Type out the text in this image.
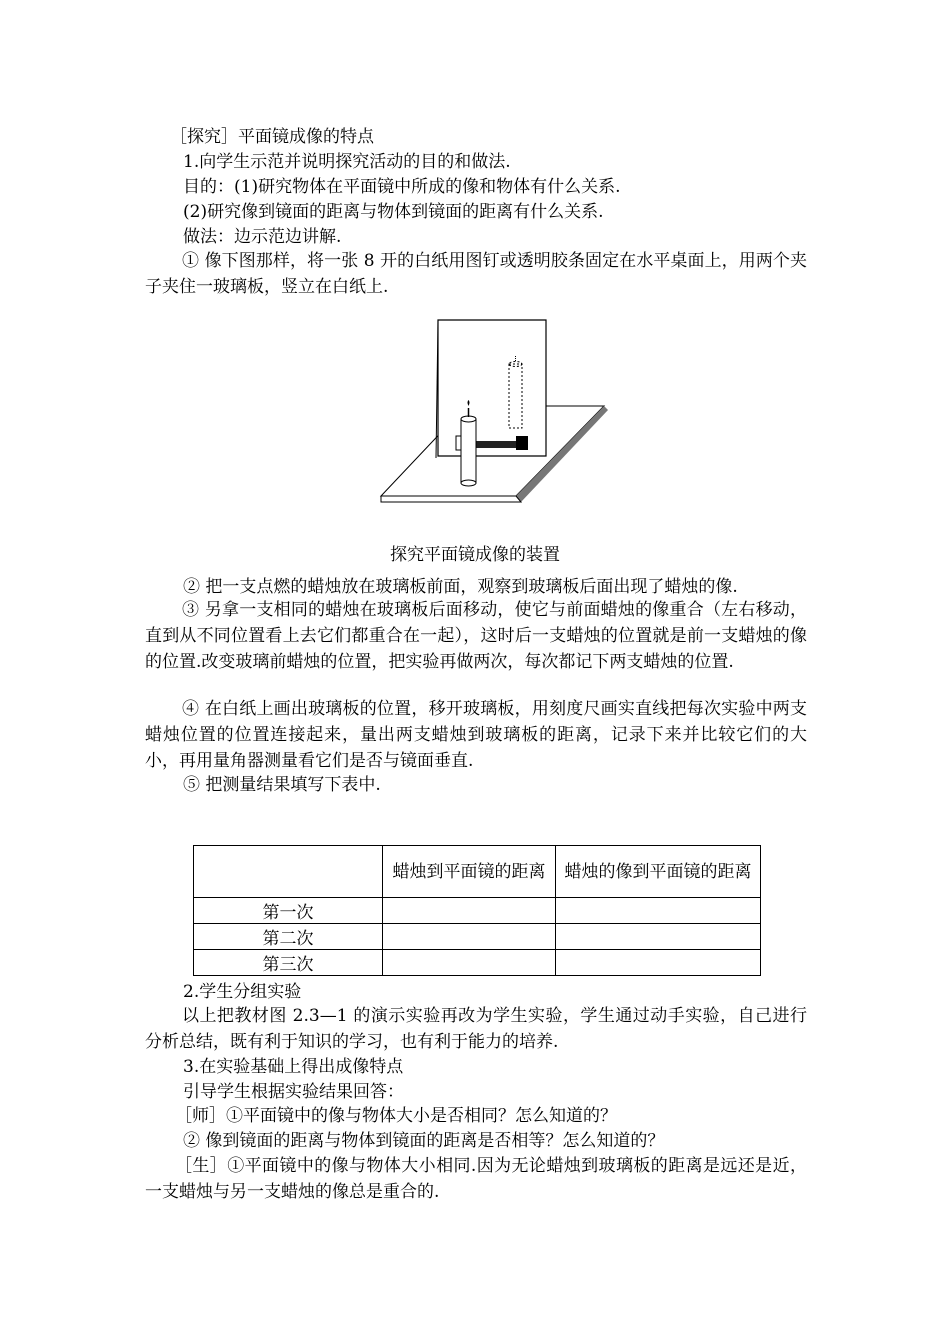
［探究］平面镜成像的特点
1.向学生示范并说明探究活动的目的和做法.
目的：(1)研究物体在平面镜中所成的像和物体有什么关系.
(2)研究像到镜面的距离与物体到镜面的距离有什么关系.
做法：边示范边讲解.
① 像下图那样，将一张 8 开的白纸用图钉或透明胶条固定在水平桌面上，用两个夹子夹住一玻璃板，竖立在白纸上.
探究平面镜成像的装置
② 把一支点燃的蜡烛放在玻璃板前面，观察到玻璃板后面出现了蜡烛的像.
③ 另拿一支相同的蜡烛在玻璃板后面移动，使它与前面蜡烛的像重合（左右移动，直到从不同位置看上去它们都重合在一起），这时后一支蜡烛的位置就是前一支蜡烛的像的位置.改变玻璃前蜡烛的位置，把实验再做两次，每次都记下两支蜡烛的位置.
④ 在白纸上画出玻璃板的位置，移开玻璃板，用刻度尺画实直线把每次实验中两支蜡烛位置的位置连接起来，量出两支蜡烛到玻璃板的距离，记录下来并比较它们的大小，再用量角器测量看它们是否与镜面垂直.
⑤ 把测量结果填写下表中.
	蜡烛到平面镜的距离	蜡烛的像到平面镜的距离
第一次		
第二次		
第三次		
2.学生分组实验
以上把教材图 2.3—1 的演示实验再改为学生实验，学生通过动手实验，自己进行分析总结，既有利于知识的学习，也有利于能力的培养.
3.在实验基础上得出成像特点
引导学生根据实验结果回答：
［师］①平面镜中的像与物体大小是否相同？怎么知道的？
② 像到镜面的距离与物体到镜面的距离是否相等？怎么知道的？
［生］①平面镜中的像与物体大小相同.因为无论蜡烛到玻璃板的距离是远还是近，一支蜡烛与另一支蜡烛的像总是重合的.
